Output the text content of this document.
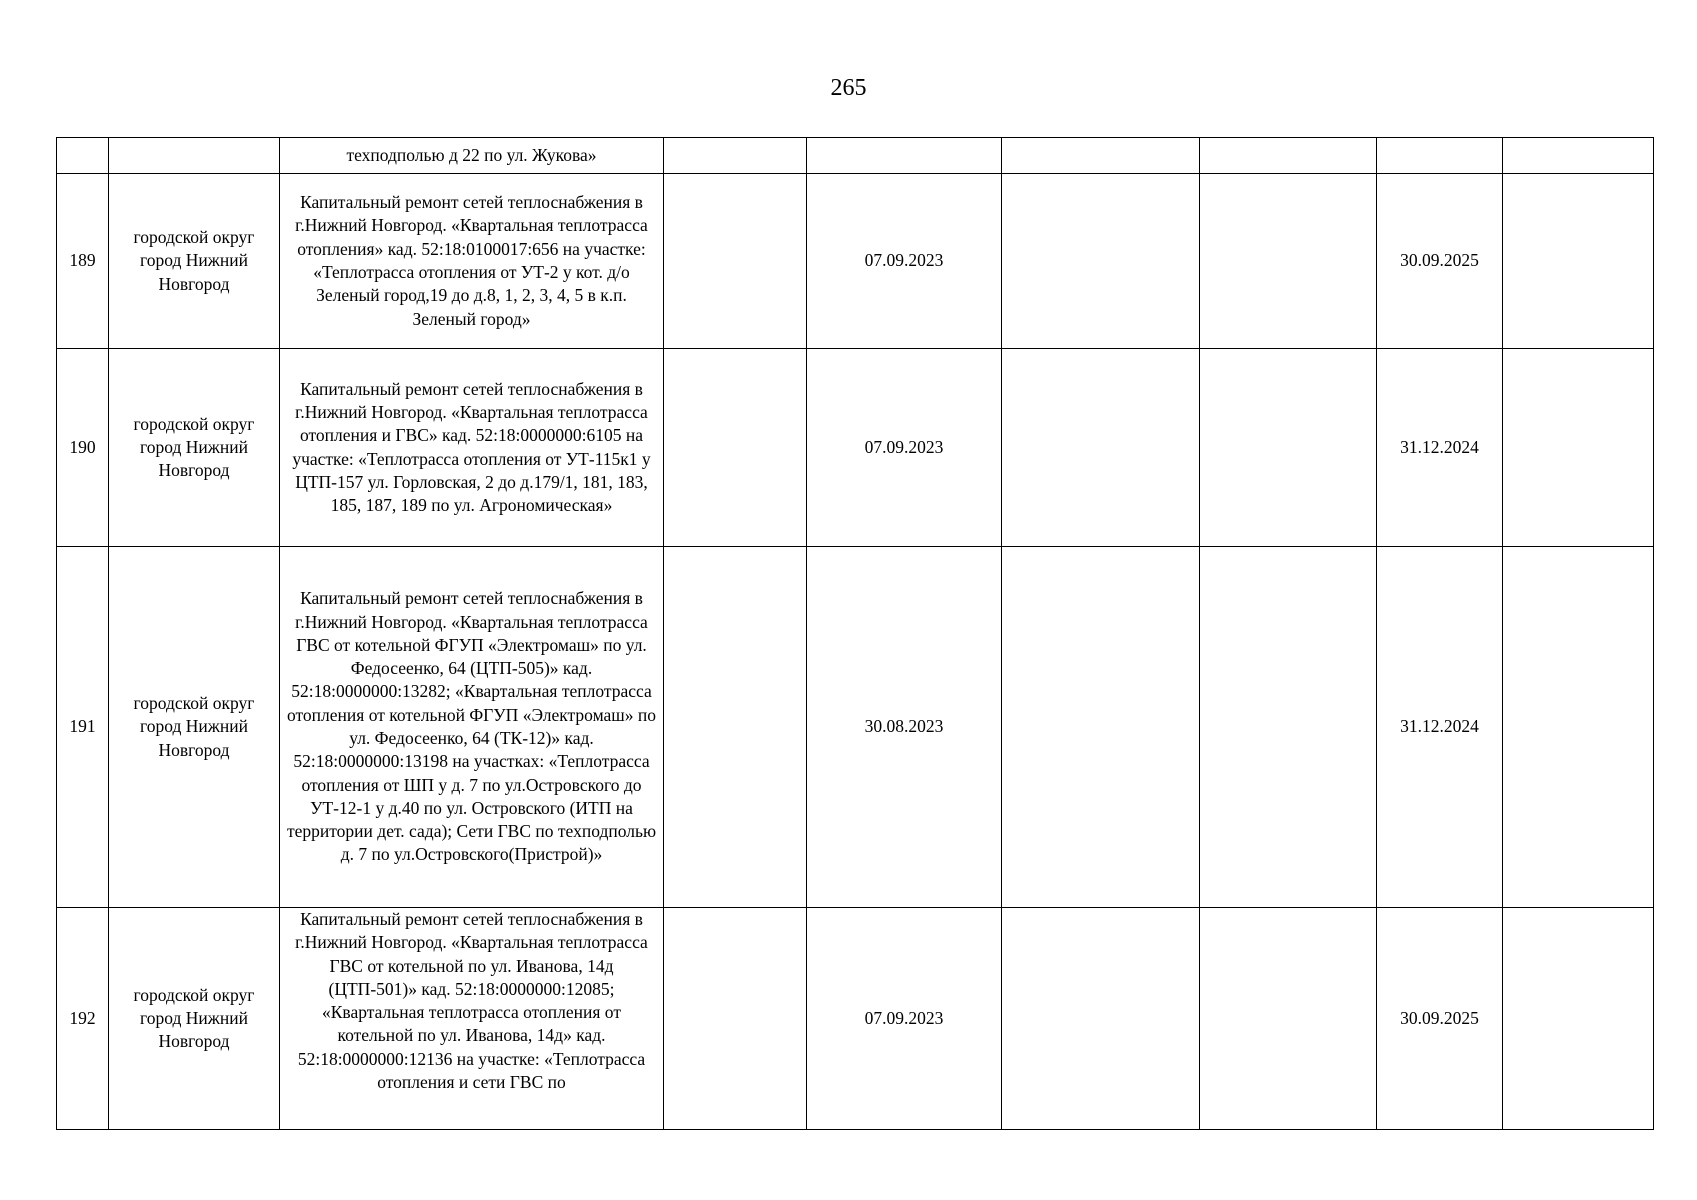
265
		техподполью д 22 по ул. Жукова»						
189	городской округ город Нижний Новгород	Капитальный ремонт сетей теплоснабжения в г.Нижний Новгород. «Квартальная теплотрасса отопления» кад. 52:18:0100017:656 на участке: «Теплотрасса отопления от УТ-2 у кот. д/о Зеленый город,19 до д.8, 1, 2, 3, 4, 5 в к.п. Зеленый город»		07.09.2023			30.09.2025	
190	городской округ город Нижний Новгород	Капитальный ремонт сетей теплоснабжения в г.Нижний Новгород. «Квартальная теплотрасса отопления и ГВС» кад. 52:18:0000000:6105 на участке: «Теплотрасса отопления от УТ-115к1 у ЦТП-157 ул. Горловская, 2 до д.179/1, 181, 183, 185, 187, 189 по ул. Агрономическая»		07.09.2023			31.12.2024	
191	городской округ город Нижний Новгород	Капитальный ремонт сетей теплоснабжения в г.Нижний Новгород. «Квартальная теплотрасса ГВС от котельной ФГУП «Электромаш» по ул. Федосеенко, 64 (ЦТП-505)» кад. 52:18:0000000:13282; «Квартальная теплотрасса отопления от котельной ФГУП «Электромаш» по ул. Федосеенко, 64 (ТК-12)» кад. 52:18:0000000:13198 на участках: «Теплотрасса отопления от ШП у д. 7 по ул.Островского до УТ-12-1 у д.40 по ул. Островского (ИТП на территории дет. сада); Сети ГВС по техподполью д. 7 по ул.Островского(Пристрой)»		30.08.2023			31.12.2024	
192	городской округ город Нижний Новгород	Капитальный ремонт сетей теплоснабжения в г.Нижний Новгород. «Квартальная теплотрасса ГВС от котельной по ул. Иванова, 14д (ЦТП-501)» кад. 52:18:0000000:12085; «Квартальная теплотрасса отопления от котельной по ул. Иванова, 14д» кад. 52:18:0000000:12136 на участке: «Теплотрасса отопления и сети ГВС по		07.09.2023			30.09.2025	
